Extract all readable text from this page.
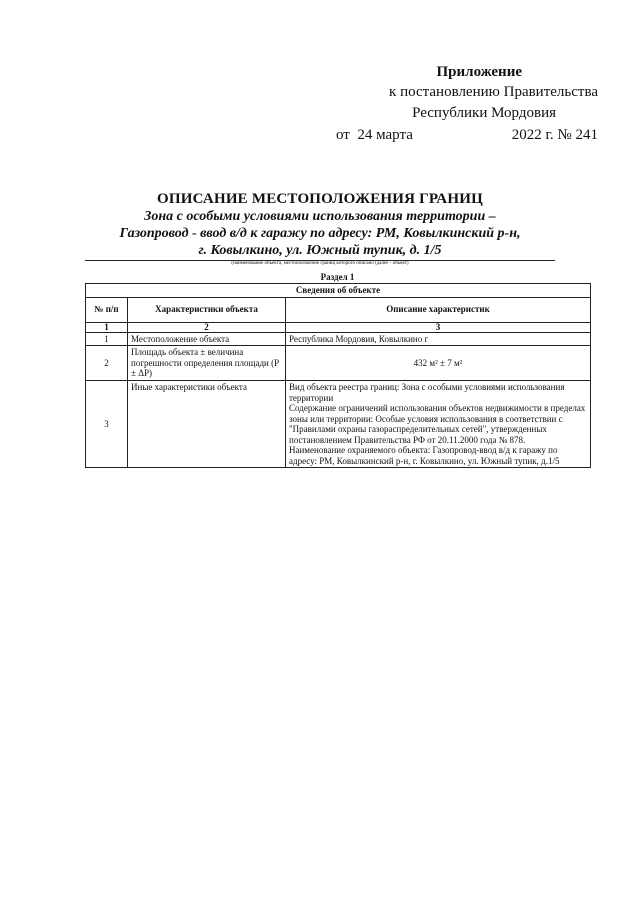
Приложение
к постановлению Правительства
Республики Мордовия
от  24 марта	2022 г. № 241
ОПИСАНИЕ МЕСТОПОЛОЖЕНИЯ ГРАНИЦ
Зона с особыми условиями использования территории –
Газопровод - ввод в/д к гаражу по адресу: РМ, Ковылкинский р-н,
г. Ковылкино, ул. Южный тупик, д. 1/5
(наименование объекта, местоположение границ которого описано (далее - объект)
Раздел 1
Сведения об объекте		
№ п/п	Характеристики объекта	Описание характеристик
1	2	3
1	Местоположение объекта	Республика Мордовия, Ковылкино г
2	Площадь объекта ± величина погрешности определения площади (P ± ΔP)	432 м² ± 7 м²
3	Иные характеристики объекта	Вид объекта реестра границ: Зона с особыми условиями использования территории
Содержание ограничений использования объектов недвижимости в пределах зоны или территории: Особые условия использования в соответствии с "Правилами охраны газораспределительных сетей", утвержденных постановлением Правительства РФ от 20.11.2000 года № 878.
Наименование охраняемого объекта: Газопровод-ввод в/д к гаражу по адресу: РМ, Ковылкинский р-н, г. Ковылкино, ул. Южный тупик, д.1/5
